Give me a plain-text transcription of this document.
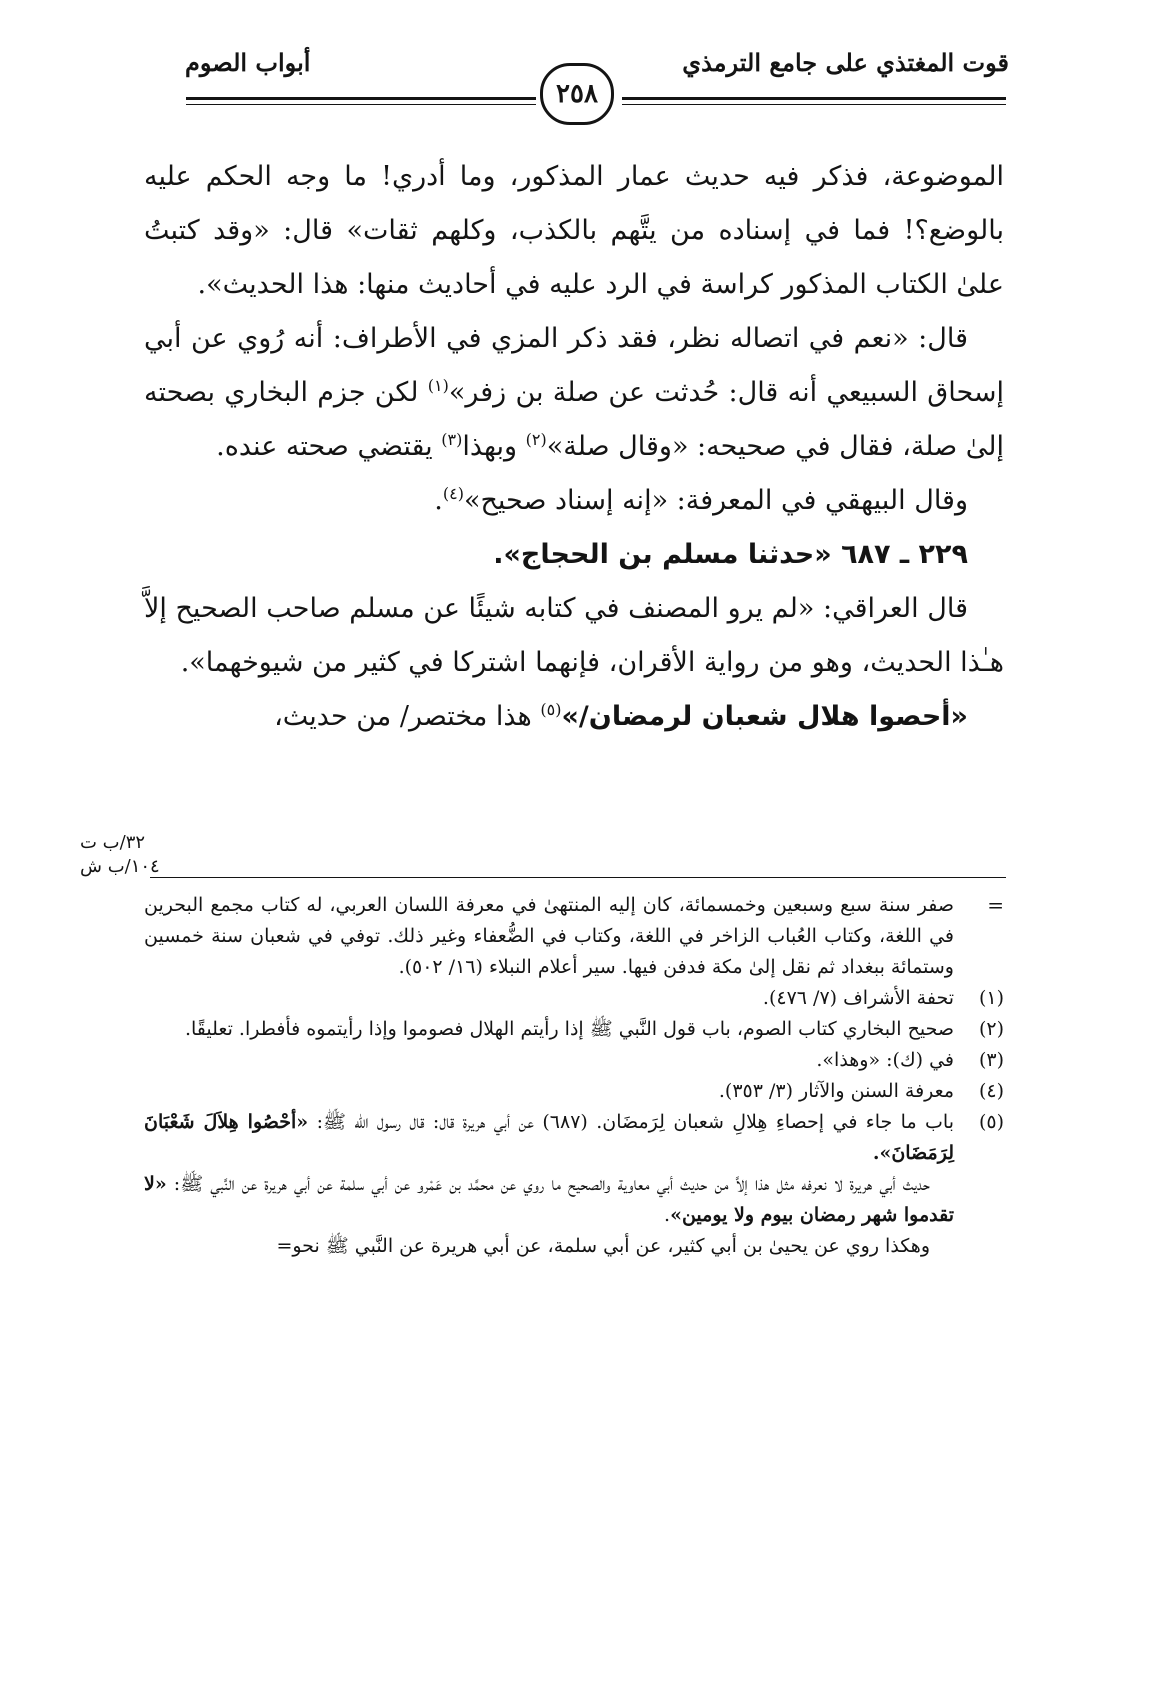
قوت المغتذي على جامع الترمذي
أبواب الصوم
٢٥٨

الموضوعة، فذكر فيه حديث عمار المذكور، وما أدري! ما وجه الحكم عليه بالوضع؟! فما في إسناده من يتَّهم بالكذب، وكلهم ثقات» قال: «وقد كتبتُ علىٰ الكتاب المذكور كراسة في الرد عليه في أحاديث منها: هذا الحديث».

قال: «نعم في اتصاله نظر، فقد ذكر المزي في الأطراف: أنه رُوي عن أبي إسحاق السبيعي أنه قال: حُدثت عن صلة بن زفر»$^{(١)}$ لكن جزم البخاري بصحته إلىٰ صلة، فقال في صحيحه: «وقال صلة»$^{(٢)}$ وبهذا$^{(٣)}$ يقتضي صحته عنده.

وقال البيهقي في المعرفة: «إنه إسناد صحيح»$^{(٤)}$.

٢٢٩ ـ ٦٨٧ «حدثنا مسلم بن الحجاج».

قال العراقي: «لم يرو المصنف في كتابه شيئًا عن مسلم صاحب الصحيح إلاَّ هـٰذا الحديث، وهو من رواية الأقران، فإنهما اشتركا في كثير من شيوخهما».

«أحصوا هلال شعبان لرمضان/»$^{(٥)}$ هذا مختصر/ من حديث،

٣٢/ب ت
١٠٤/ب ش
=
صفر سنة سبع وسبعين وخمسمائة، كان إليه المنتهىٰ في معرفة اللسان العربي، له كتاب مجمع البحرين في اللغة، وكتاب العُباب الزاخر في اللغة، وكتاب في الضُّعفاء وغير ذلك. توفي في شعبان سنة خمسين وستمائة ببغداد ثم نقل إلىٰ مكة فدفن فيها. سير أعلام النبلاء (١٦/ ٥٠٢).
(١)
تحفة الأشراف (٧/ ٤٧٦).
(٢)
صحيح البخاري كتاب الصوم، باب قول النَّبي ﷺ إذا رأيتم الهلال فصوموا وإذا رأيتموه فأفطرا. تعليقًا.
(٣)
في (ك): «وهذا».
(٤)
معرفة السنن والآثار (٣/ ٣٥٣).
(٥)
باب ما جاء في إحصاءِ هِلالِ شعبان لِرَمضَان. (٦٨٧) عن أبي هريرة قال: قال رسول الله ﷺ: «أحْصُوا هِلاَلَ شَعْبَانَ لِرَمَضَانَ».
حديث أبي هريرة لا نعرفه مثل هذا إلاَّ من حديث أبي معاوية والصحيح ما روي عن محمَّد بن عَمْرو عن أبي سلمة عن أبي هريرة عن النَّبي ﷺ: «لا تقدموا شهر رمضان بيوم ولا يومين».
وهكذا روي عن يحيىٰ بن أبي كثير، عن أبي سلمة، عن أبي هريرة عن النَّبي ﷺ نحو=
